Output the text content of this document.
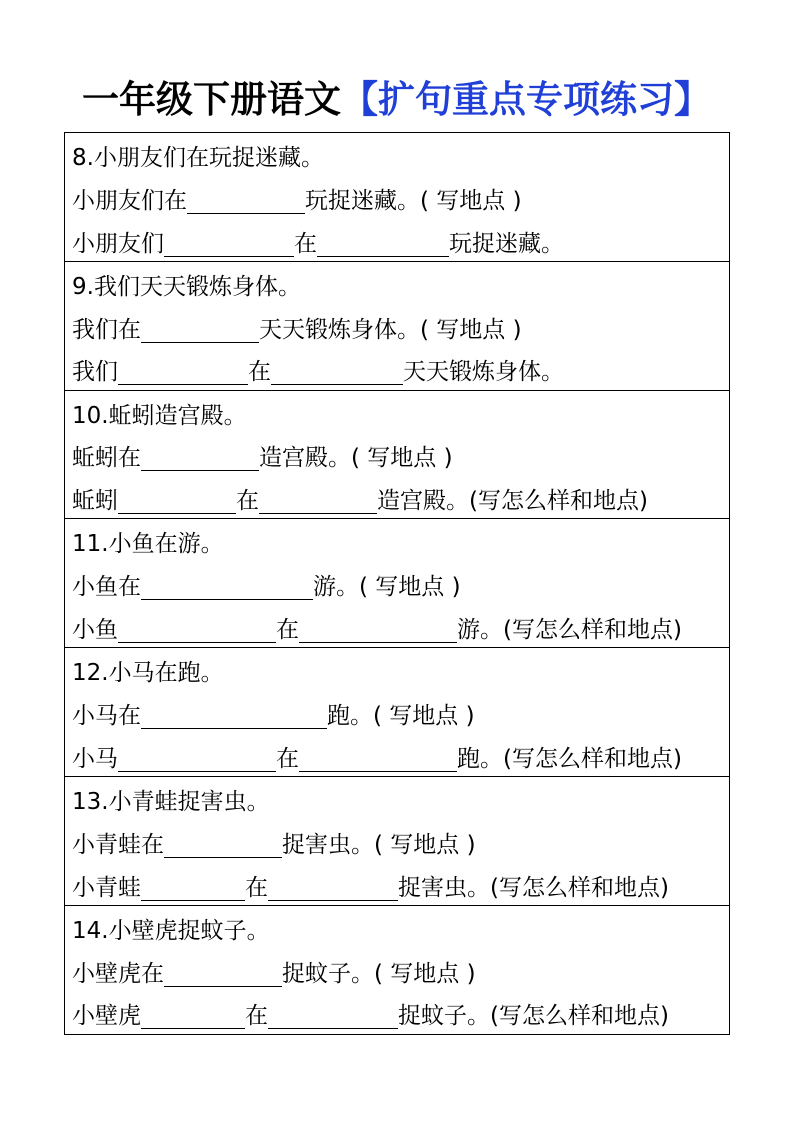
一年级下册语文【扩句重点专项练习】
8.小朋友们在玩捉迷藏。
小朋友们在	玩捉迷藏。( 写地点 )
小朋友们	在	玩捉迷藏。
9.我们天天锻炼身体。
我们在	天天锻炼身体。( 写地点 )
我们	在	天天锻炼身体。
10.蚯蚓造宫殿。
蚯蚓在	造宫殿。( 写地点 )
蚯蚓	在	造宫殿。(写怎么样和地点)
11.小鱼在游。
小鱼在	游。( 写地点 )
小鱼	在	游。(写怎么样和地点)
12.小马在跑。
小马在	跑。( 写地点 )
小马	在	跑。(写怎么样和地点)
13.小青蛙捉害虫。
小青蛙在	捉害虫。( 写地点 )
小青蛙	在	捉害虫。(写怎么样和地点)
14.小壁虎捉蚊子。
小壁虎在	捉蚊子。( 写地点 )
小壁虎	在	捉蚊子。(写怎么样和地点)
